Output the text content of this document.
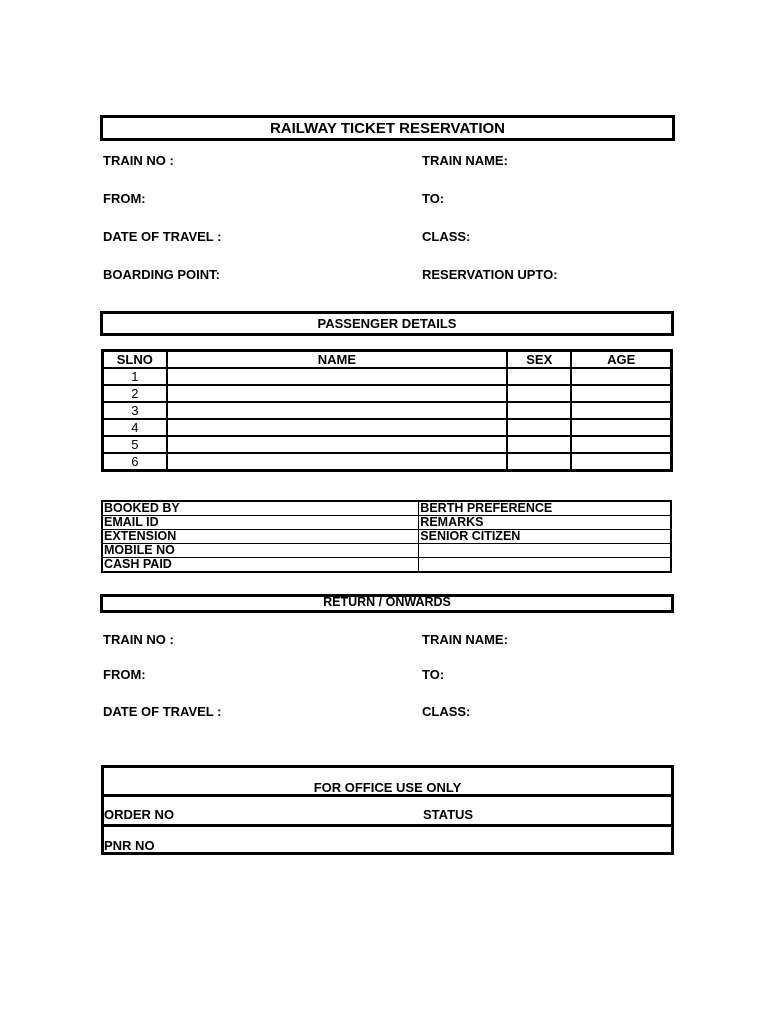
RAILWAY TICKET RESERVATION
TRAIN NO :	TRAIN NAME:
FROM:	TO:
DATE OF TRAVEL :	CLASS:
BOARDING POINT:	RESERVATION UPTO:
PASSENGER DETAILS
SLNO	NAME	SEX	AGE
1			
2			
3			
4			
5			
6			
BOOKED BY	BERTH PREFERENCE
EMAIL ID	REMARKS
EXTENSION	SENIOR CITIZEN
MOBILE NO	
CASH PAID	
RETURN / ONWARDS
TRAIN NO :	TRAIN NAME:
FROM:	TO:
DATE OF TRAVEL :	CLASS:
FOR OFFICE USE ONLY
ORDER NO	STATUS
PNR NO
